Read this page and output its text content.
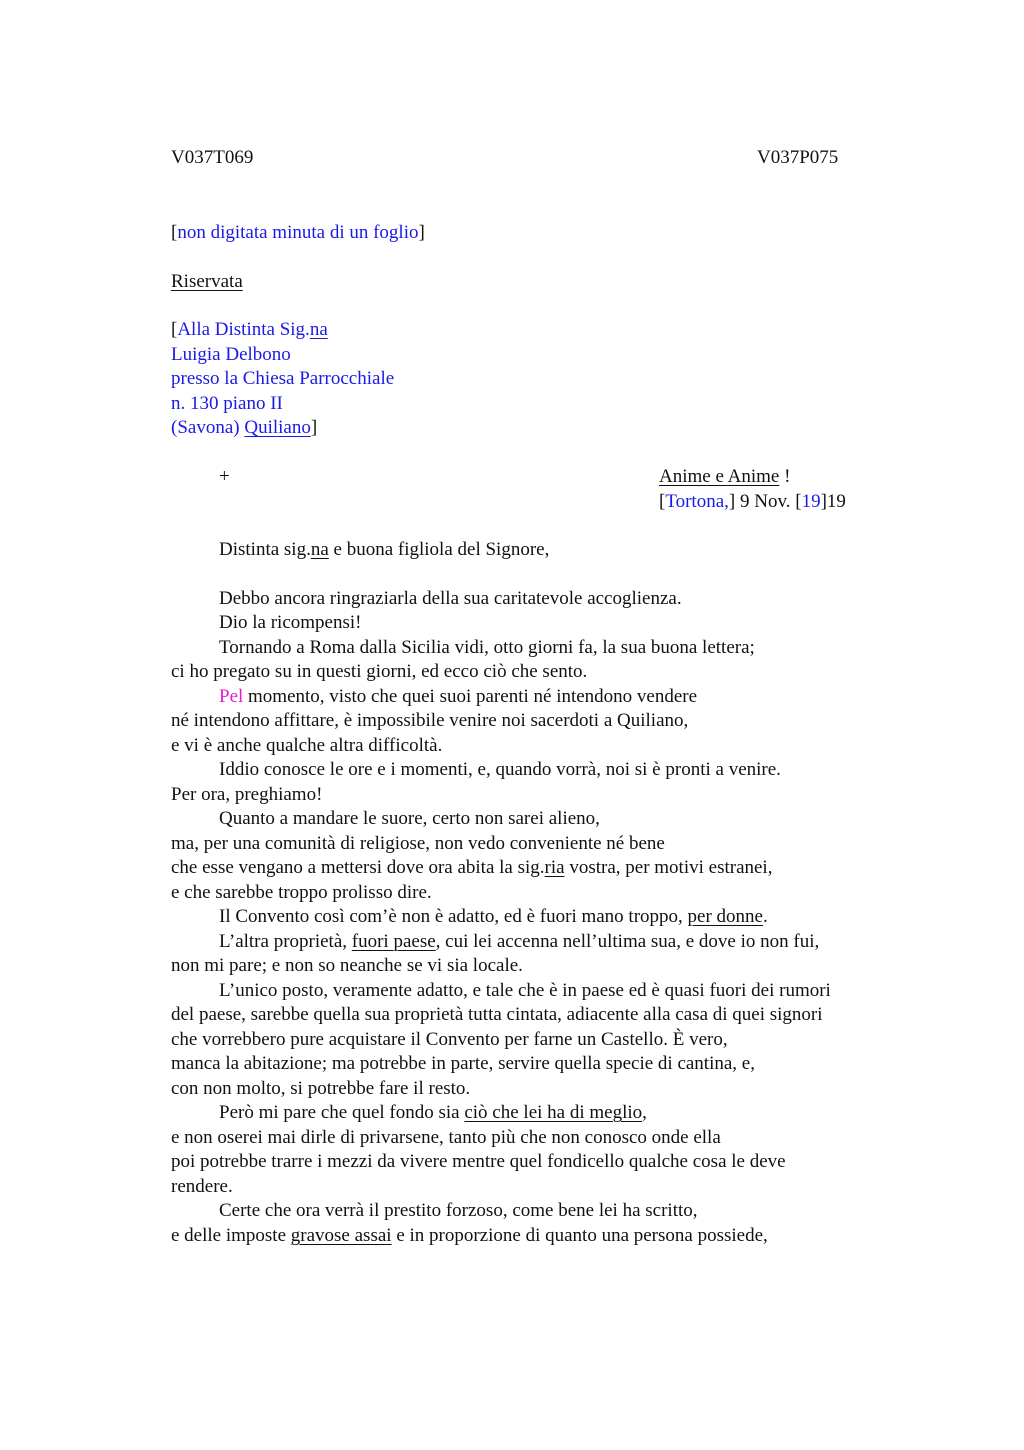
V037T069	V037P075
[non digitata minuta di un foglio]
Riservata
[Alla Distinta Sig.na
Luigia Delbono
presso la Chiesa Parrocchiale
n. 130 piano II
(Savona) Quiliano]
+	Anime e Anime !
[Tortona,] 9 Nov. [19]19
Distinta sig.na e buona figliola del Signore,
Debbo ancora ringraziarla della sua caritatevole accoglienza.
Dio la ricompensi!
Tornando a Roma dalla Sicilia vidi, otto giorni fa, la sua buona lettera;
ci ho pregato su in questi giorni, ed ecco ciò che sento.
Pel momento, visto che quei suoi parenti né intendono vendere
né intendono affittare, è impossibile venire noi sacerdoti a Quiliano,
e vi è anche qualche altra difficoltà.
Iddio conosce le ore e i momenti, e, quando vorrà, noi si è pronti a venire.
Per ora, preghiamo!
Quanto a mandare le suore, certo non sarei alieno,
ma, per una comunità di religiose, non vedo conveniente né bene
che esse vengano a mettersi dove ora abita la sig.ria vostra, per motivi estranei,
e che sarebbe troppo prolisso dire.
Il Convento così com’è non è adatto, ed è fuori mano troppo, per donne.
L’altra proprietà, fuori paese, cui lei accenna nell’ultima sua, e dove io non fui,
non mi pare; e non so neanche se vi sia locale.
L’unico posto, veramente adatto, e tale che è in paese ed è quasi fuori dei rumori
del paese, sarebbe quella sua proprietà tutta cintata, adiacente alla casa di quei signori
che vorrebbero pure acquistare il Convento per farne un Castello. È vero,
manca la abitazione; ma potrebbe in parte, servire quella specie di cantina, e,
con non molto, si potrebbe fare il resto.
Però mi pare che quel fondo sia ciò che lei ha di meglio,
e non oserei mai dirle di privarsene, tanto più che non conosco onde ella
poi potrebbe trarre i mezzi da vivere mentre quel fondicello qualche cosa le deve
rendere.
Certe che ora verrà il prestito forzoso, come bene lei ha scritto,
e delle imposte gravose assai e in proporzione di quanto una persona possiede,
